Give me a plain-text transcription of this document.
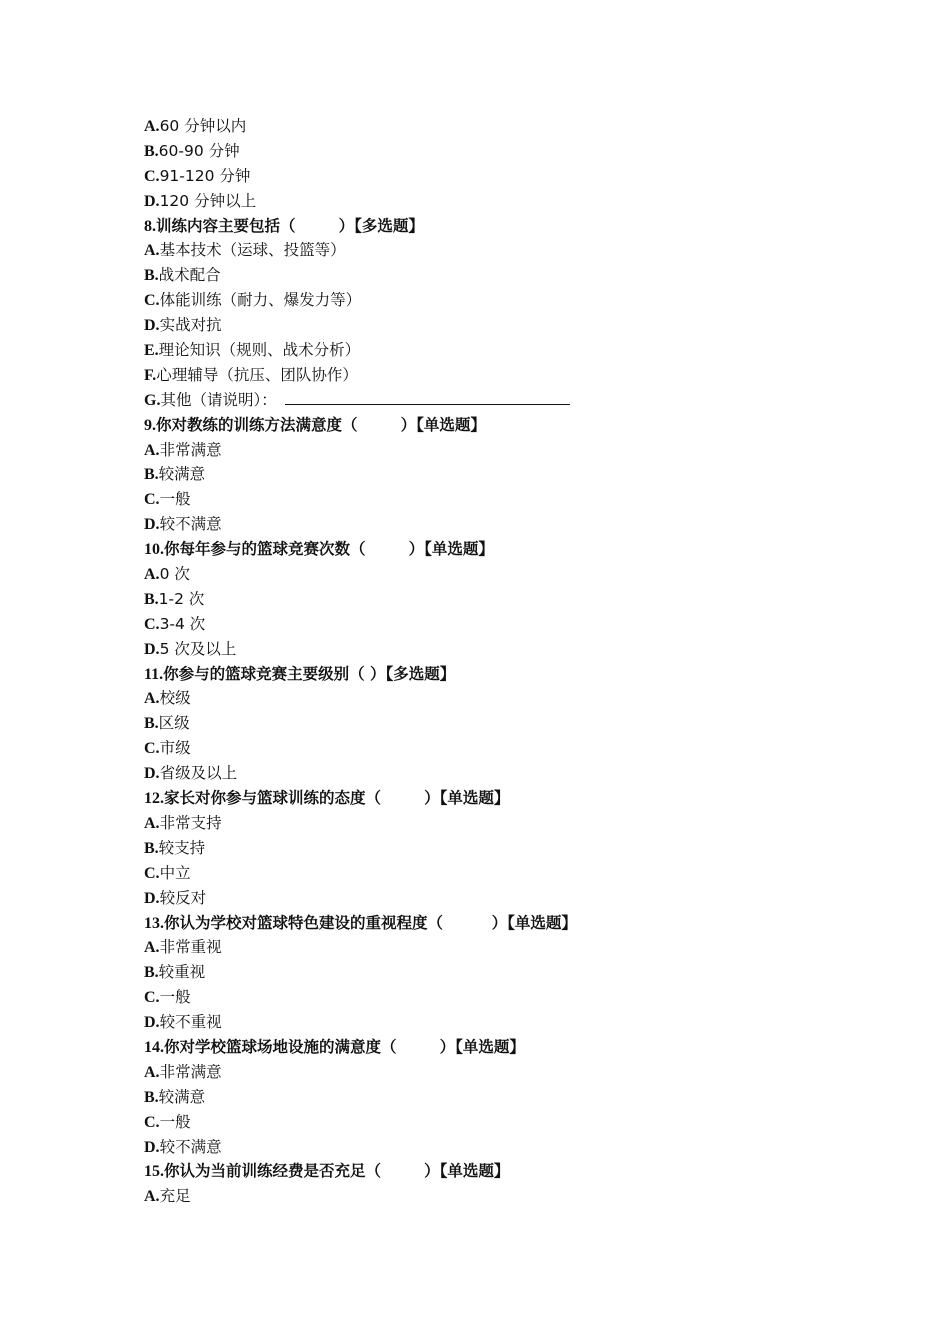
A.60 分钟以内
B.60-90 分钟
C.91-120 分钟
D.120 分钟以上
8.训练内容主要包括（        ）【多选题】
A.基本技术（运球、投篮等）
B.战术配合
C.体能训练（耐力、爆发力等）
D.实战对抗
E.理论知识（规则、战术分析）
F.心理辅导（抗压、团队协作）
G.其他（请说明）：
9.你对教练的训练方法满意度（        ）【单选题】
A.非常满意
B.较满意
C.一般
D.较不满意
10.你每年参与的篮球竞赛次数（        ）【单选题】
A.0 次
B.1-2 次
C.3-4 次
D.5 次及以上
11.你参与的篮球竞赛主要级别（ ）【多选题】
A.校级
B.区级
C.市级
D.省级及以上
12.家长对你参与篮球训练的态度（        ）【单选题】
A.非常支持
B.较支持
C.中立
D.较反对
13.你认为学校对篮球特色建设的重视程度（         ）【单选题】
A.非常重视
B.较重视
C.一般
D.较不重视
14.你对学校篮球场地设施的满意度（        ）【单选题】
A.非常满意
B.较满意
C.一般
D.较不满意
15.你认为当前训练经费是否充足（        ）【单选题】
A.充足
